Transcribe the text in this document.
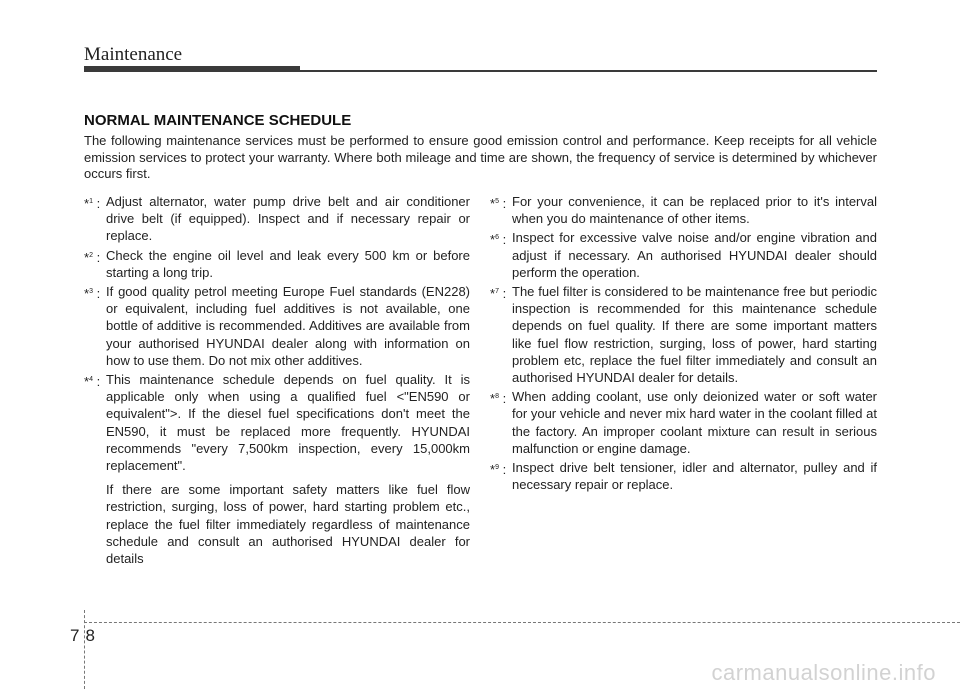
Maintenance
NORMAL MAINTENANCE SCHEDULE
The following maintenance services must be performed to ensure good emission control and performance. Keep receipts for all vehicle emission services to protect your warranty. Where both mileage and time are shown, the frequency of service is determined by whichever occurs first.
*$^1$ : Adjust alternator, water pump drive belt and air conditioner drive belt (if equipped). Inspect and if necessary repair or replace.
*$^2$ : Check the engine oil level and leak every 500 km or before starting a long trip.
*$^3$ : If good quality petrol meeting Europe Fuel standards (EN228) or equivalent, including fuel additives is not available, one bottle of additive is recommended. Additives are available from your authorised HYUNDAI dealer along with information on how to use them. Do not mix other additives.
*$^4$ : This maintenance schedule depends on fuel quality. It is applicable only when using a qualified fuel <"EN590 or equivalent">. If the diesel fuel specifications don't meet the EN590, it must be replaced more frequently. HYUNDAI recommends "every 7,500km inspection, every 15,000km replacement".
If there are some important safety matters like fuel flow restriction, surging, loss of power, hard starting problem etc., replace the fuel filter immediately regardless of maintenance schedule and consult an authorised HYUNDAI dealer for details
*$^5$ : For your convenience, it can be replaced prior to it's interval when you do maintenance of other items.
*$^6$ : Inspect for excessive valve noise and/or engine vibration and adjust if necessary. An authorised HYUNDAI dealer should perform the operation.
*$^7$ : The fuel filter is considered to be maintenance free but periodic inspection is recommended for this maintenance schedule depends on fuel quality. If there are some important matters like fuel flow restriction, surging, loss of power, hard starting problem etc, replace the fuel filter immediately and consult an authorised HYUNDAI dealer for details.
*$^8$ : When adding coolant, use only deionized water or soft water for your vehicle and never mix hard water in the coolant filled at the factory. An improper coolant mixture can result in serious malfunction or engine damage.
*$^9$ : Inspect drive belt tensioner, idler and alternator, pulley and if necessary repair or replace.
78
carmanualsonline.info
